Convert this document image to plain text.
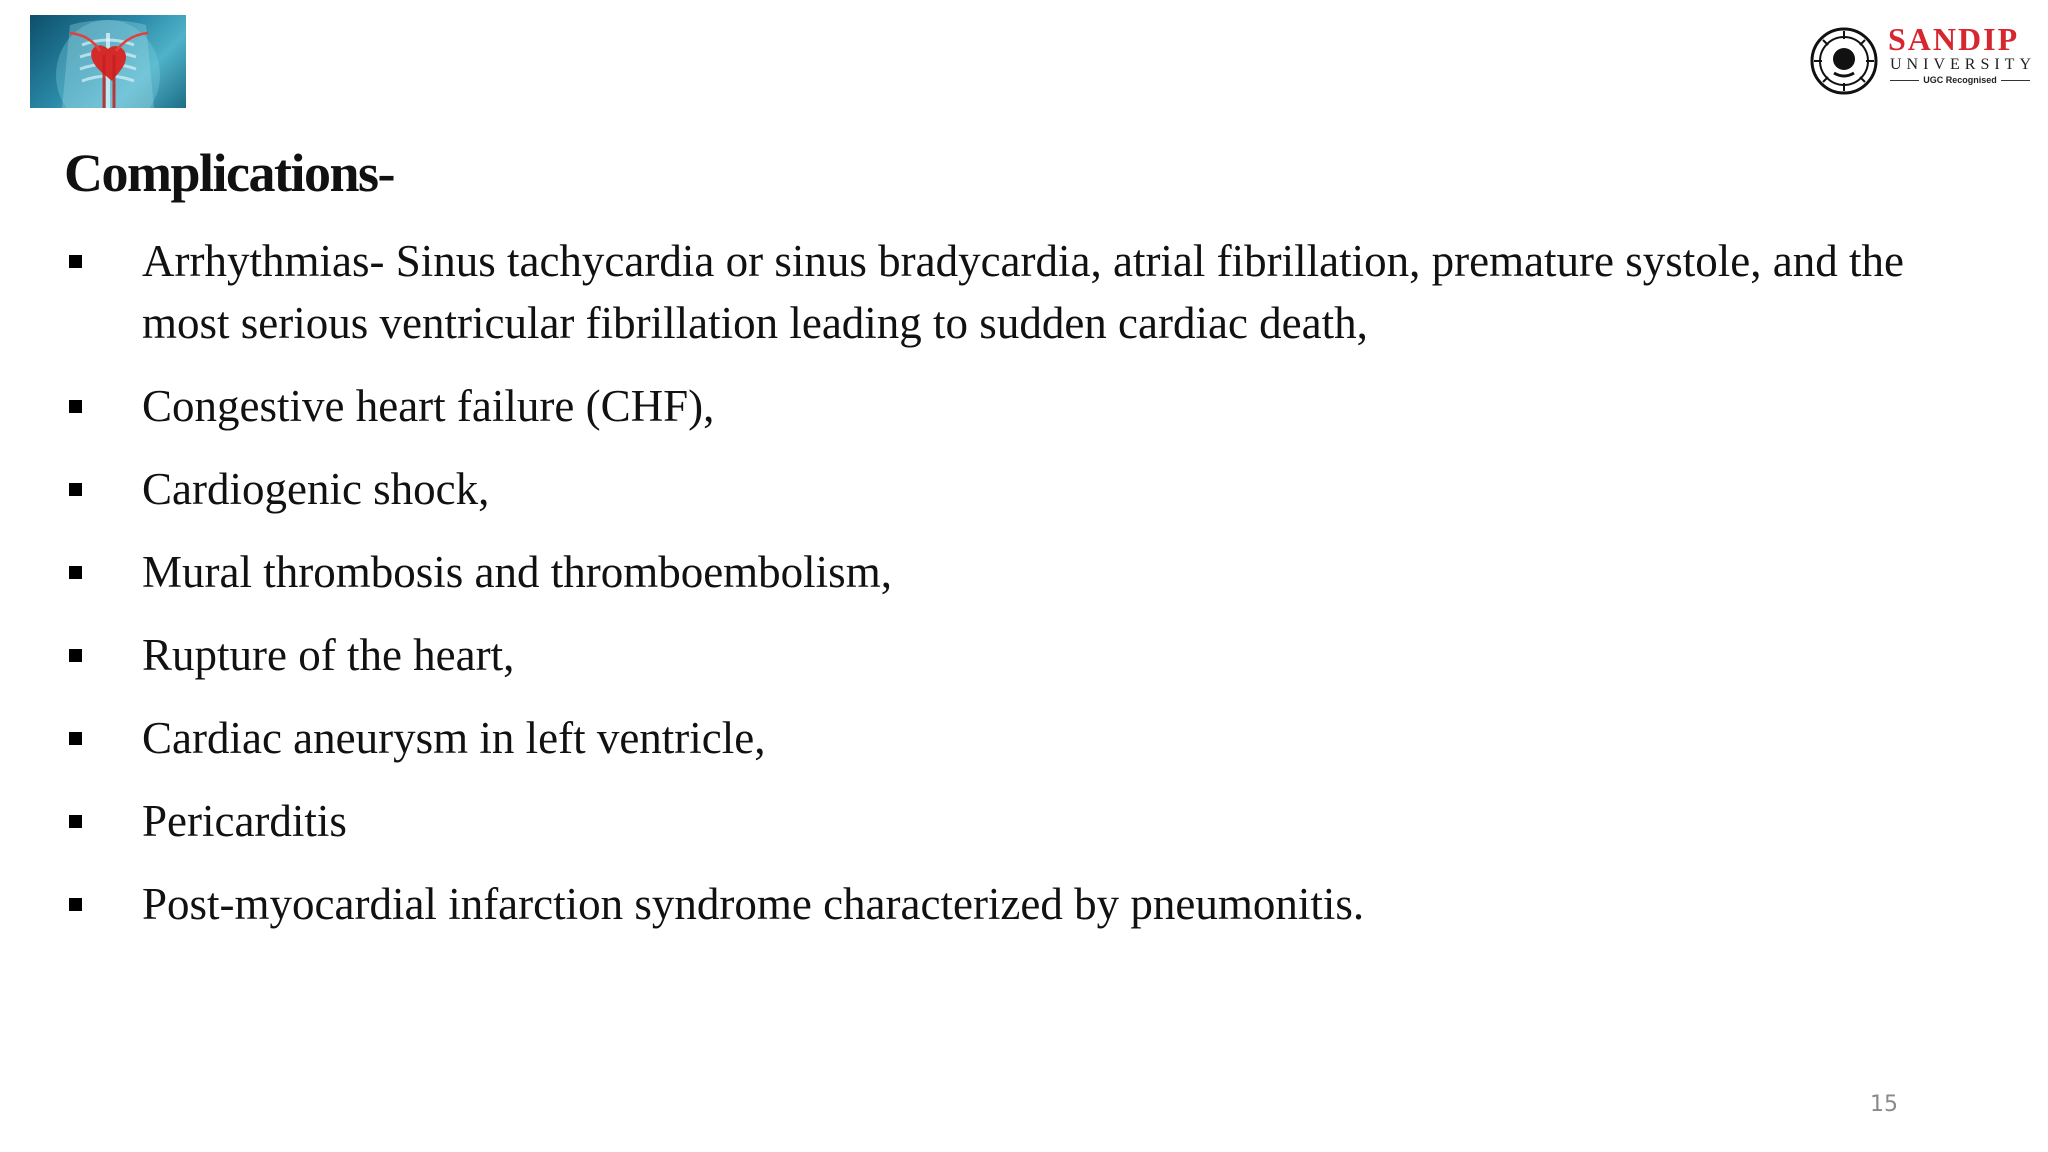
SANDIP
UNIVERSITY
UGC Recognised
Complications-
Arrhythmias- Sinus tachycardia or sinus bradycardia, atrial fibrillation, premature systole, and the most serious ventricular fibrillation leading to sudden cardiac death,
Congestive heart failure (CHF),
Cardiogenic shock,
Mural thrombosis and thromboembolism,
Rupture of the heart,
Cardiac aneurysm in left ventricle,
Pericarditis
Post-myocardial infarction syndrome characterized by pneumonitis.
15
